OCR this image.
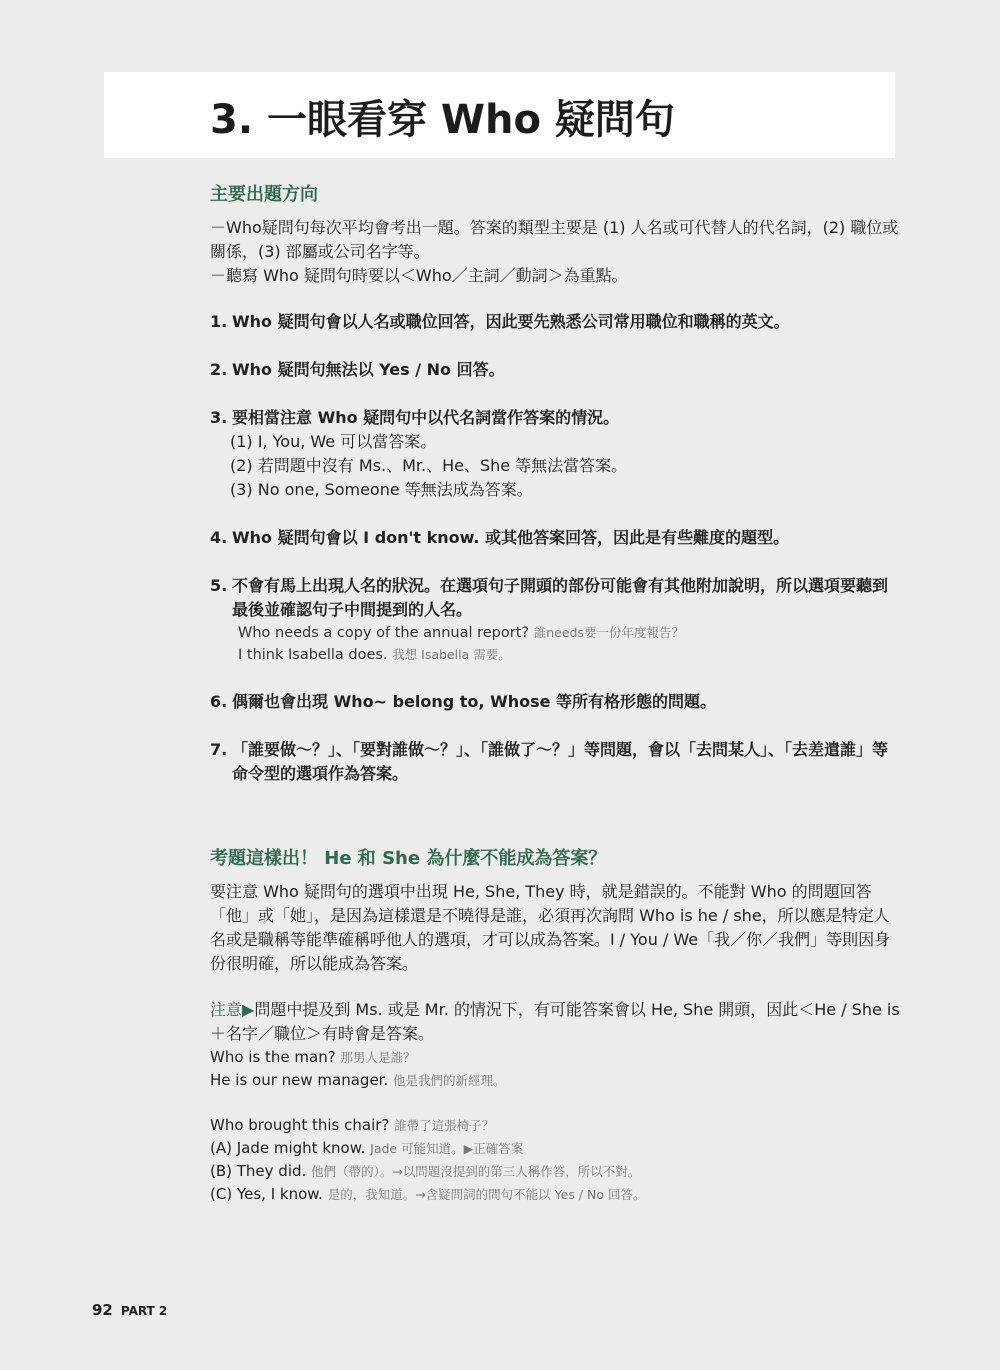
3. 一眼看穿 Who 疑問句
主要出題方向

－Who疑問句每次平均會考出一題。答案的類型主要是 (1) 人名或可代替人的代名詞，(2) 職位或關係，(3) 部屬或公司名字等。

－聽寫 Who 疑問句時要以＜Who／主詞／動詞＞為重點。

1. Who 疑問句會以人名或職位回答，因此要先熟悉公司常用職位和職稱的英文。
2. Who 疑問句無法以 Yes / No 回答。
3. 要相當注意 Who 疑問句中以代名詞當作答案的情況。
(1) I, You, We 可以當答案。
(2) 若問題中沒有 Ms.、Mr.、He、She 等無法當答案。
(3) No one, Someone 等無法成為答案。
4. Who 疑問句會以 I don't know. 或其他答案回答，因此是有些難度的題型。
5. 不會有馬上出現人名的狀況。在選項句子開頭的部份可能會有其他附加說明，所以選項要聽到最後並確認句子中間提到的人名。
Who needs a copy of the annual report? 誰needs要一份年度報告？
I think Isabella does. 我想 Isabella 需要。
6. 偶爾也會出現 Who~ belong to, Whose 等所有格形態的問題。
7. 「誰要做～？」、「要對誰做～？」、「誰做了～？」等問題，會以「去問某人」、「去差遣誰」等命令型的選項作為答案。
考題這樣出！ He 和 She 為什麼不能成為答案？

要注意 Who 疑問句的選項中出現 He, She, They 時，就是錯誤的。不能對 Who 的問題回答「他」或「她」，是因為這樣還是不曉得是誰，必須再次詢問 Who is he / she，所以應是特定人名或是職稱等能準確稱呼他人的選項，才可以成為答案。I / You / We「我／你／我們」等則因身份很明確，所以能成為答案。

注意▶問題中提及到 Ms. 或是 Mr. 的情況下，有可能答案會以 He, She 開頭，因此＜He / She is＋名字／職位＞有時會是答案。
Who is the man? 那男人是誰？
He is our new manager. 他是我們的新經理。
Who brought this chair? 誰帶了這張椅子？
(A) Jade might know. Jade 可能知道。▶正確答案
(B) They did. 他們（帶的）。→以問題沒提到的第三人稱作答，所以不對。
(C) Yes, I know. 是的，我知道。→含疑問詞的問句不能以 Yes / No 回答。
92 PART 2
